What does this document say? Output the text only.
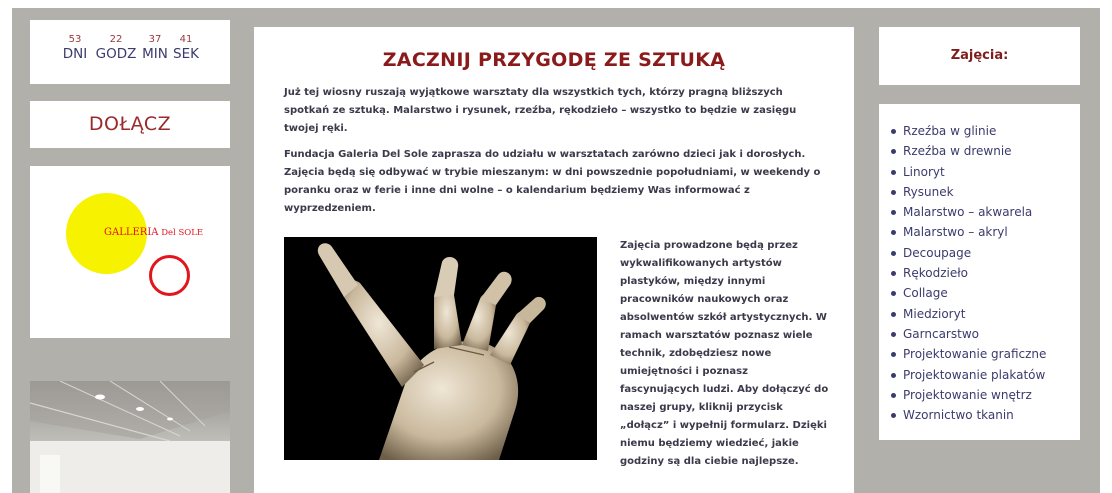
53
DNI
22
GODZ
37
MIN
41
SEK
DOŁĄCZ
GALLERIA Del SOLE
ZACZNIJ PRZYGODĘ ZE SZTUKĄ
Już tej wiosny ruszają wyjątkowe warsztaty dla wszystkich tych, którzy pragną bliższych spotkań ze sztuką. Malarstwo i rysunek, rzeźba, rękodzieło – wszystko to będzie w zasięgu twojej ręki.
Fundacja Galeria Del Sole zaprasza do udziału w warsztatach zarówno dzieci jak i dorosłych. Zajęcia będą się odbywać w trybie mieszanym: w dni powszednie popołudniami, w weekendy o poranku oraz w ferie i inne dni wolne – o kalendarium będziemy Was informować z wyprzedzeniem.
Zajęcia prowadzone będą przez wykwalifikowanych artystów plastyków, między innymi pracowników naukowych oraz absolwentów szkół artystycznych. W ramach warsztatów poznasz wiele technik, zdobędziesz nowe umiejętności i poznasz fascynujących ludzi. Aby dołączyć do naszej grupy, kliknij przycisk „dołącz” i wypełnij formularz. Dzięki niemu będziemy wiedzieć, jakie godziny są dla ciebie najlepsze.
Zajęcia:
Rzeźba w glinie
Rzeźba w drewnie
Linoryt
Rysunek
Malarstwo – akwarela
Malarstwo – akryl
Decoupage
Rękodzieło
Collage
Miedzioryt
Garncarstwo
Projektowanie graficzne
Projektowanie plakatów
Projektowanie wnętrz
Wzornictwo tkanin
